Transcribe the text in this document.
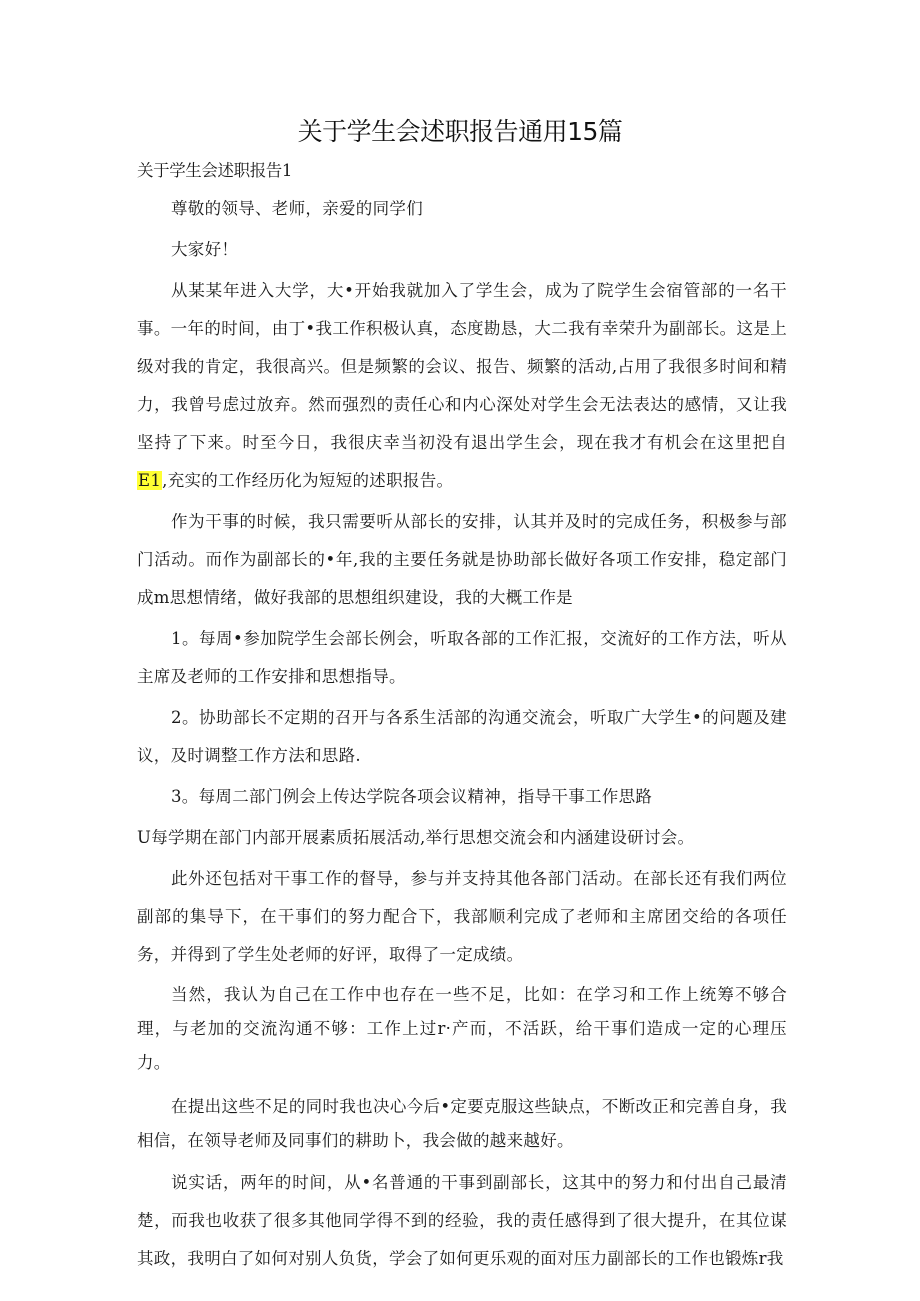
关于学生会述职报告通用15篇
关于学生会述职报告1

尊敬的领导、老师，亲爱的同学们

大家好！

从某某年进入大学，大•开始我就加入了学生会，成为了院学生会宿管部的一名干事。一年的时间，由丁•我工作积极认真，态度勘恳，大二我有幸荣升为副部长。这是上级对我的肯定，我很高兴。但是频繁的会议、报告、频繁的活动,占用了我很多时间和精力，我曾号虑过放弃。然而强烈的责任心和内心深处对学生会无法表达的感情，又让我坚持了下来。时至今日，我很庆幸当初没有退出学生会，现在我才有机会在这里把自E1,充实的工作经历化为短短的述职报告。

作为干事的时候，我只需要听从部长的安排，认其并及时的完成任务，积极参与部门活动。而作为副部长的•年,我的主要任务就是协助部长做好各项工作安排，稳定部门成m思想情绪，做好我部的思想组织建设，我的大概工作是

1。每周•参加院学生会部长例会，听取各部的工作汇报，交流好的工作方法，听从主席及老师的工作安排和思想指导。

2。协助部长不定期的召开与各系生活部的沟通交流会，听取广大学生•的问题及建议，及时调整工作方法和思路.

3。每周二部门例会上传达学院各项会议精神，指导干事工作思路

U每学期在部门内部开展素质拓展活动,举行思想交流会和内涵建设研讨会。

此外还包括对干事工作的督导，参与并支持其他各部门活动。在部长还有我们两位副部的集导下，在干事们的努力配合下，我部顺利完成了老师和主席团交给的各项任务，并得到了学生处老师的好评，取得了一定成绩。

当然，我认为自己在工作中也存在一些不足，比如：在学习和工作上统筹不够合理，与老加的交流沟通不够：工作上过r·产而，不活跃，给干事们造成一定的心理压力。

在提出这些不足的同时我也决心今后•定要克服这些缺点，不断改正和完善自身，我相信，在领导老师及同事们的耕助卜，我会做的越来越好。

说实话，两年的时间，从•名普通的干事到副部长，这其中的努力和付出自己最清楚，而我也收获了很多其他同学得不到的经验，我的责任感得到了很大提升，在其位谋其政，我明白了如何对别人负货，学会了如何更乐观的面对压力副部长的工作也锻炼r我
